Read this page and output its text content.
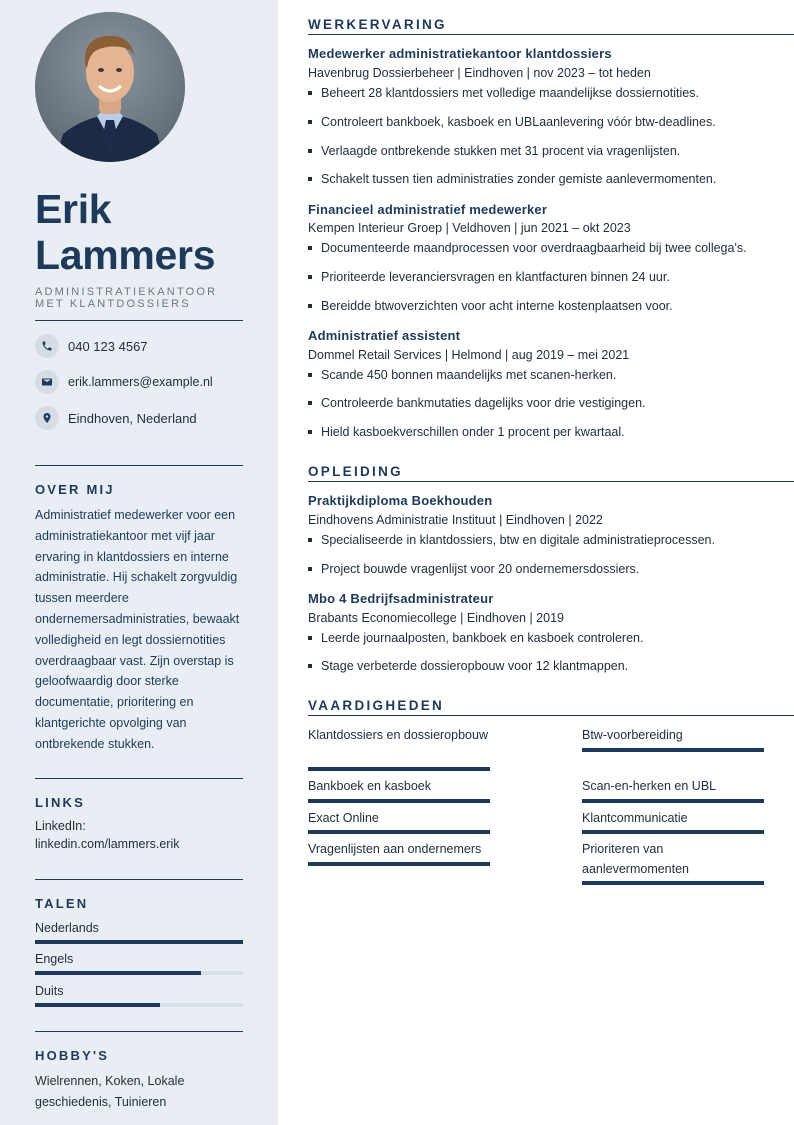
Erik
Lammers
ADMINISTRATIEKANTOOR
MET KLANTDOSSIERS
040 123 4567
erik.lammers@example.nl
Eindhoven, Nederland
OVER MIJ
Administratief medewerker voor een administratiekantoor met vijf jaar ervaring in klantdossiers en interne administratie. Hij schakelt zorgvuldig tussen meerdere ondernemersadministraties, bewaakt volledigheid en legt dossiernotities overdraagbaar vast. Zijn overstap is geloofwaardig door sterke documentatie, prioritering en klantgerichte opvolging van ontbrekende stukken.
LINKS
LinkedIn:
linkedin.com/lammers.erik
TALEN
Nederlands
Engels
Duits
HOBBY'S
Wielrennen, Koken, Lokale geschiedenis, Tuinieren
WERKERVARING
Medewerker administratiekantoor klantdossiers
Havenbrug Dossierbeheer | Eindhoven | nov 2023 – tot heden
Beheert 28 klantdossiers met volledige maandelijkse dossiernotities.
Controleert bankboek, kasboek en UBLaanlevering vóór btw-deadlines.
Verlaagde ontbrekende stukken met 31 procent via vragenlijsten.
Schakelt tussen tien administraties zonder gemiste aanlevermomenten.
Financieel administratief medewerker
Kempen Interieur Groep | Veldhoven | jun 2021 – okt 2023
Documenteerde maandprocessen voor overdraagbaarheid bij twee collega's.
Prioriteerde leveranciersvragen en klantfacturen binnen 24 uur.
Bereidde btwoverzichten voor acht interne kostenplaatsen voor.
Administratief assistent
Dommel Retail Services | Helmond | aug 2019 – mei 2021
Scande 450 bonnen maandelijks met scanen-herken.
Controleerde bankmutaties dagelijks voor drie vestigingen.
Hield kasboekverschillen onder 1 procent per kwartaal.
OPLEIDING
Praktijkdiploma Boekhouden
Eindhovens Administratie Instituut | Eindhoven | 2022
Specialiseerde in klantdossiers, btw en digitale administratieprocessen.
Project bouwde vragenlijst voor 20 ondernemersdossiers.
Mbo 4 Bedrijfsadministrateur
Brabants Economiecollege | Eindhoven | 2019
Leerde journaalposten, bankboek en kasboek controleren.
Stage verbeterde dossieropbouw voor 12 klantmappen.
VAARDIGHEDEN
Klantdossiers en dossieropbouw	Btw-voorbereiding
Bankboek en kasboek	Scan-en-herken en UBL
Exact Online	Klantcommunicatie
Vragenlijsten aan ondernemers	Prioriteren van aanlevermomenten
